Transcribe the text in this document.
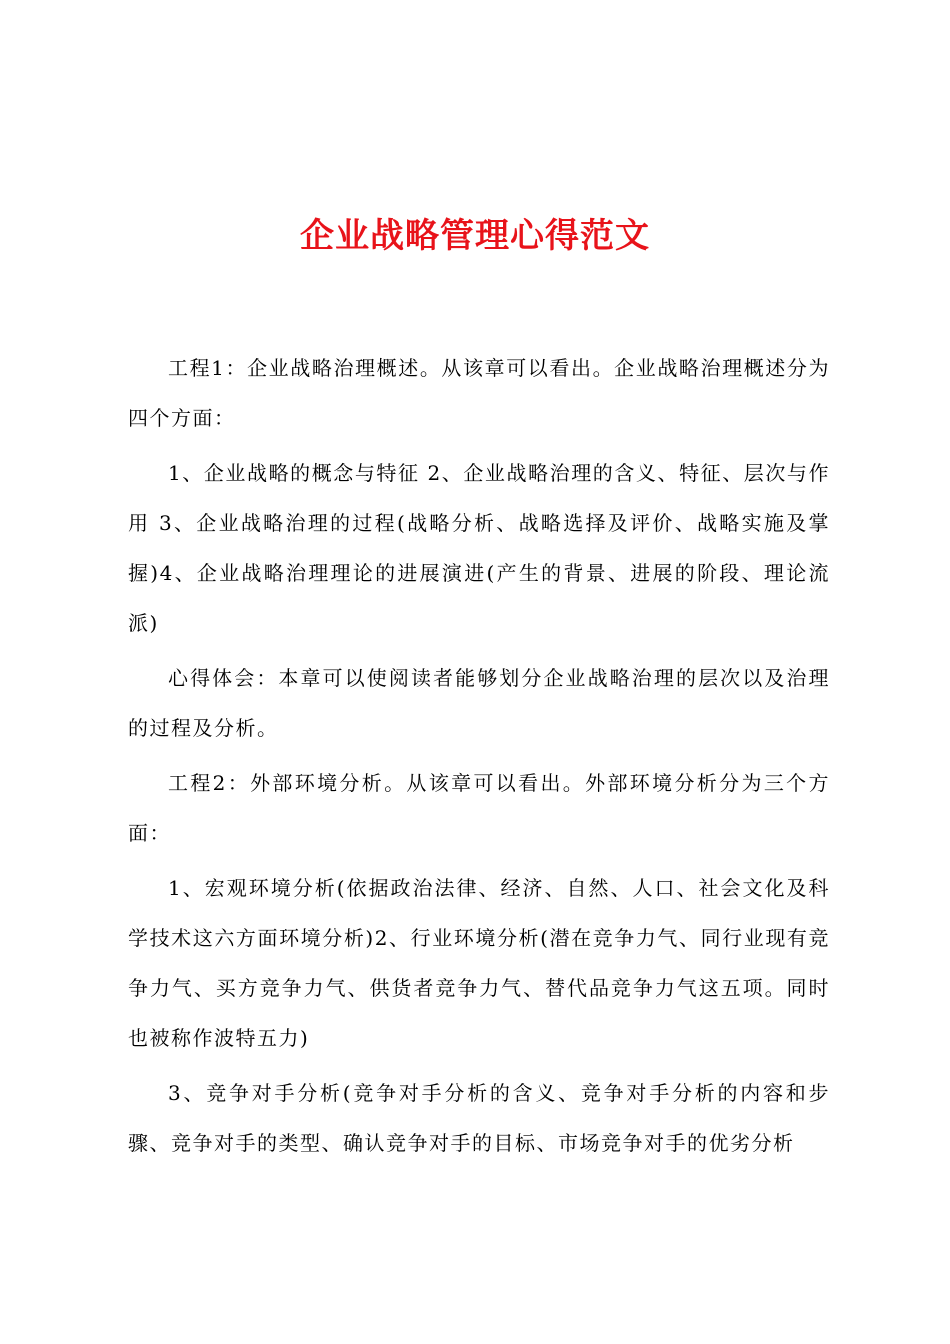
企业战略管理心得范文

工程1：企业战略治理概述。从该章可以看出。企业战略治理概述分为四个方面：

1、企业战略的概念与特征 2、企业战略治理的含义、特征、层次与作用 3、企业战略治理的过程(战略分析、战略选择及评价、战略实施及掌握)4、企业战略治理理论的进展演进(产生的背景、进展的阶段、理论流派)

心得体会：本章可以使阅读者能够划分企业战略治理的层次以及治理的过程及分析。

工程2：外部环境分析。从该章可以看出。外部环境分析分为三个方面：

1、宏观环境分析(依据政治法律、经济、自然、人口、社会文化及科学技术这六方面环境分析)2、行业环境分析(潜在竞争力气、同行业现有竞争力气、买方竞争力气、供货者竞争力气、替代品竞争力气这五项。同时也被称作波特五力)

3、竞争对手分析(竞争对手分析的含义、竞争对手分析的内容和步骤、竞争对手的类型、确认竞争对手的目标、市场竞争对手的优劣分析
